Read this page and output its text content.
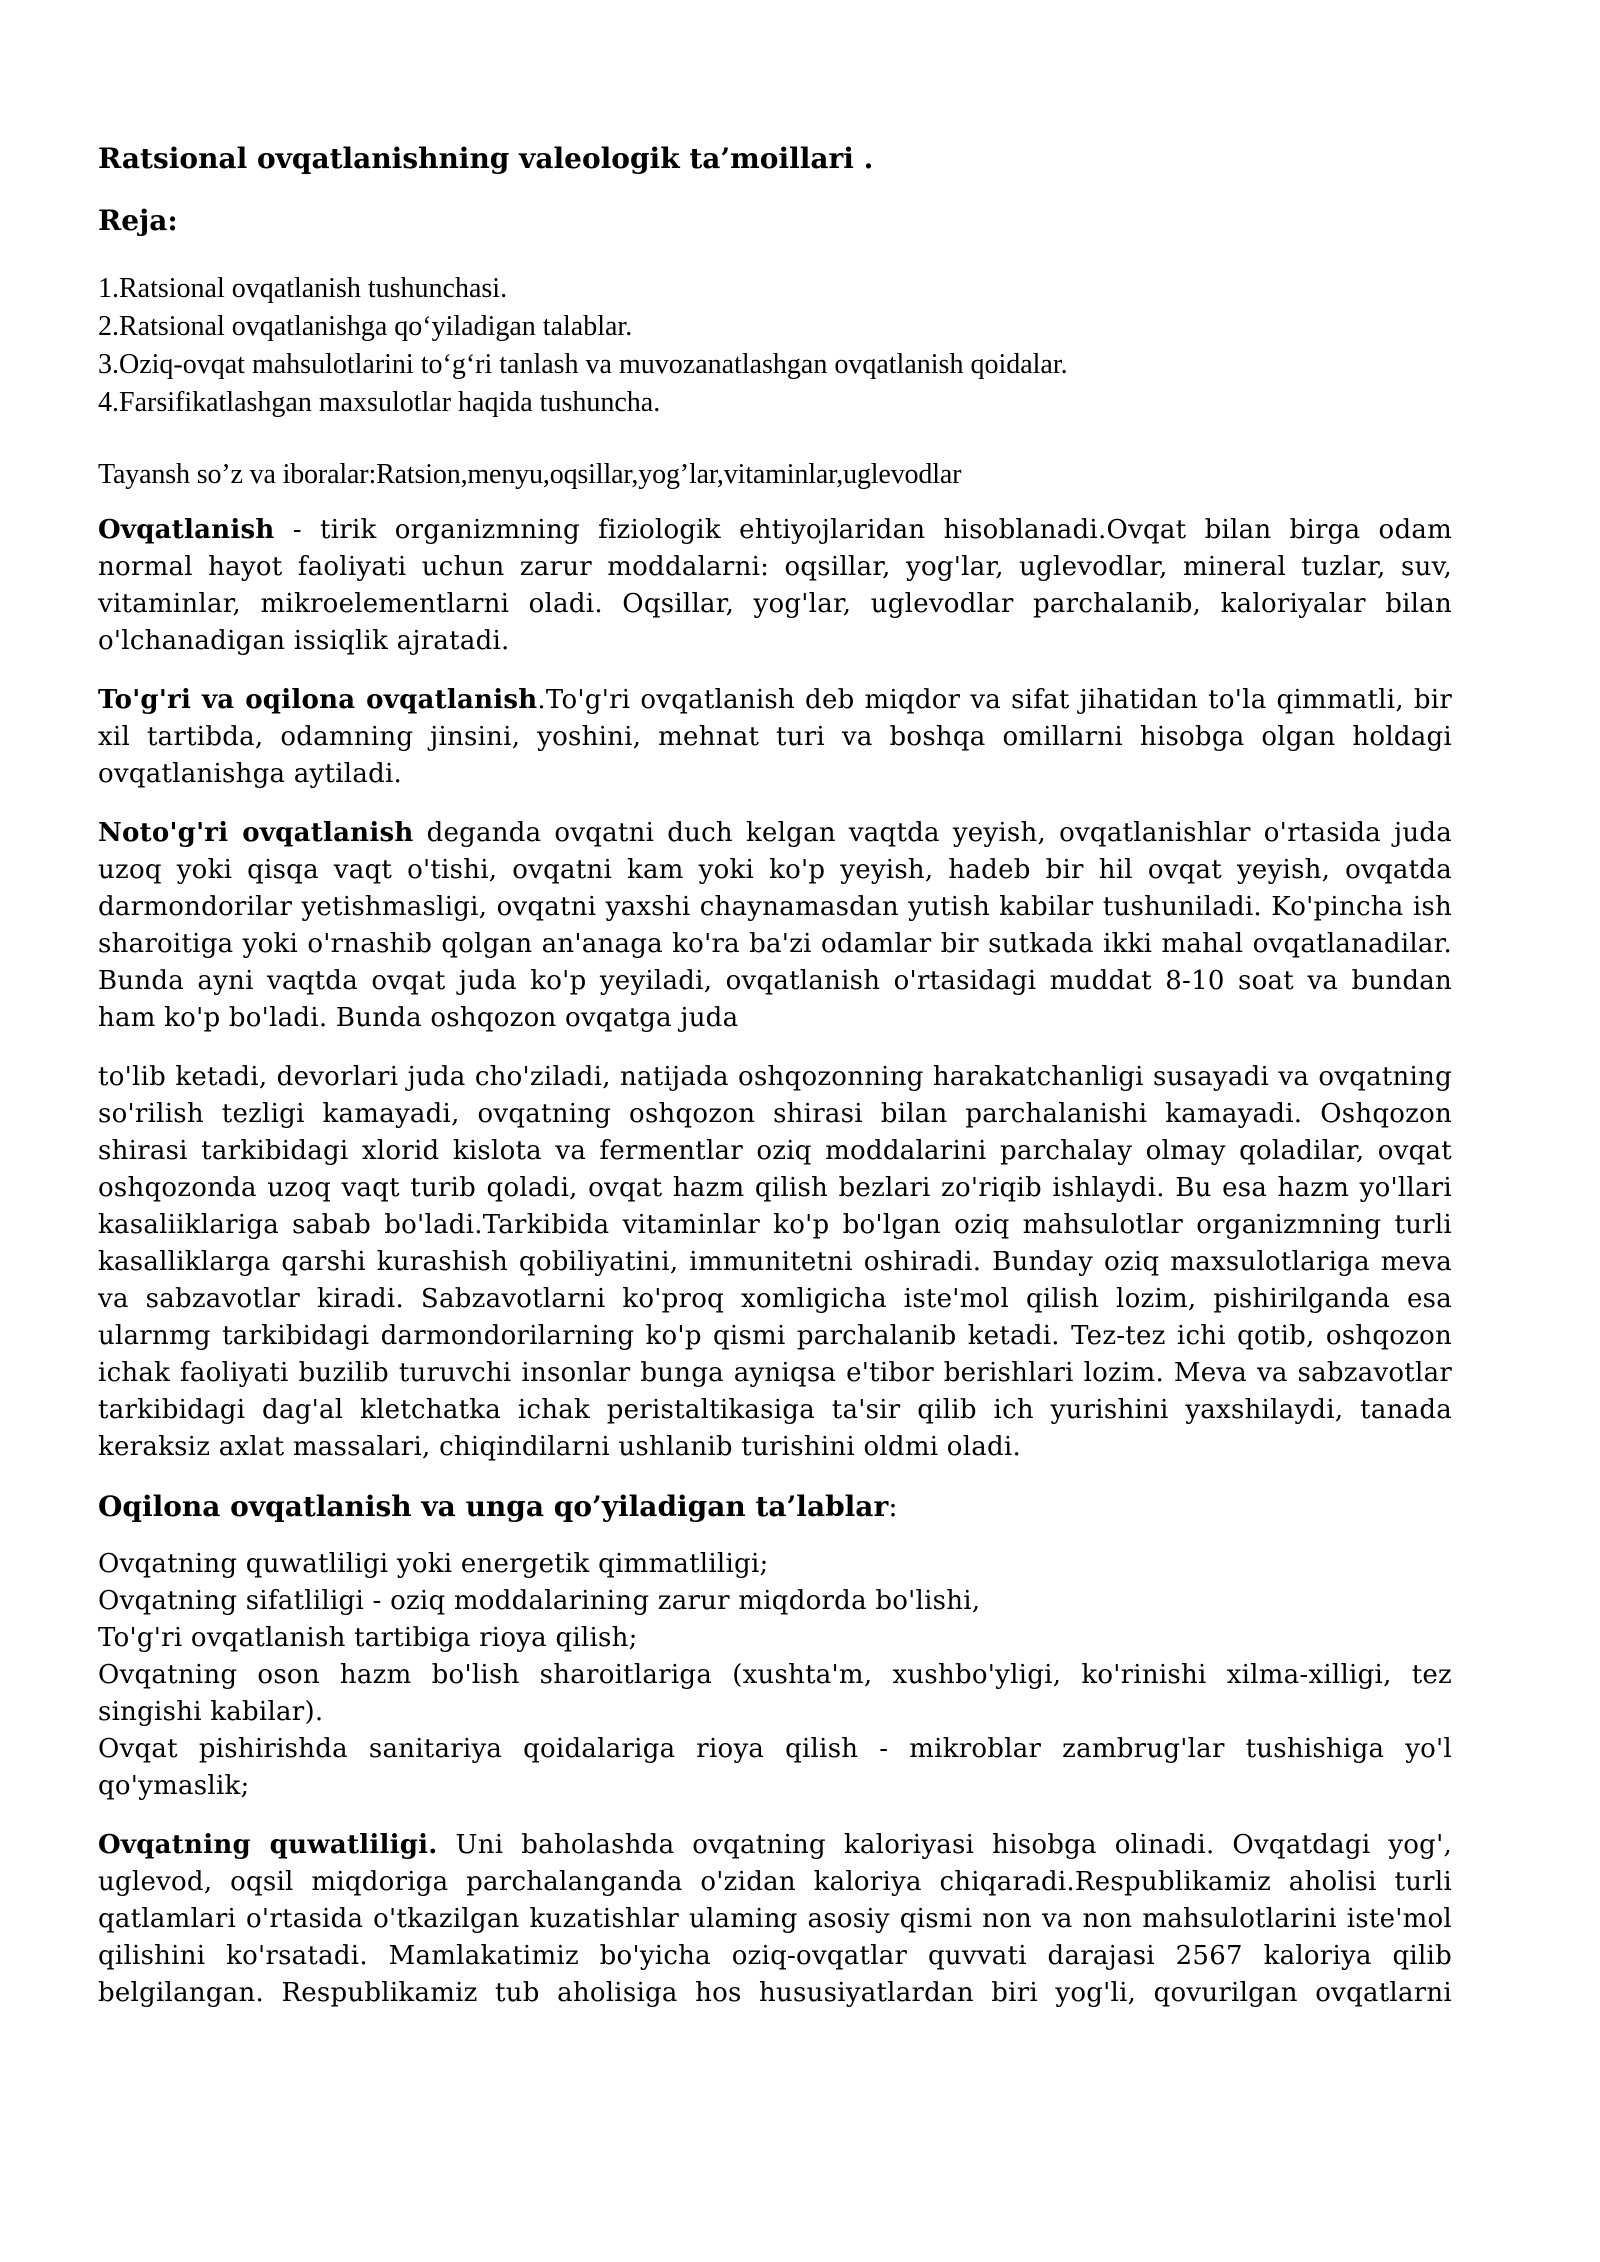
Ratsional ovqatlanishning valeologik ta’moillari .
Reja:
1.Ratsional ovqatlanish tushunchasi.
2.Ratsional ovqatlanishga qo‘yiladigan talablar.
3.Oziq-ovqat mahsulotlarini to‘g‘ri tanlash va muvozanatlashgan ovqatlanish qoidalar.
4.Farsifikatlashgan maxsulotlar haqida tushuncha.
Tayansh so’z va iboralar:Ratsion,menyu,oqsillar,yog’lar,vitaminlar,uglevodlar

Ovqatlanish - tirik organizmning fiziologik ehtiyojlaridan hisoblanadi.Ovqat bilan birga odam normal hayot faoliyati uchun zarur moddalarni: oqsillar, yog'lar, uglevodlar, mineral tuzlar, suv, vitaminlar, mikroelementlarni oladi. Oqsillar, yog'lar, uglevodlar parchalanib, kaloriyalar bilan o'lchanadigan issiqlik ajratadi.

To'g'ri va oqilona ovqatlanish.To'g'ri ovqatlanish deb miqdor va sifat jihatidan to'la qimmatli, bir xil tartibda, odamning jinsini, yoshini, mehnat turi va boshqa omillarni hisobga olgan holdagi ovqatlanishga aytiladi.

Noto'g'ri ovqatlanish deganda ovqatni duch kelgan vaqtda yeyish, ovqatlanishlar o'rtasida juda uzoq yoki qisqa vaqt o'tishi, ovqatni kam yoki ko'p yeyish, hadeb bir hil ovqat yeyish, ovqatda darmondorilar yetishmasligi, ovqatni yaxshi chaynamasdan yutish kabilar tushuniladi. Ko'pincha ish sharoitiga yoki o'rnashib qolgan an'anaga ko'ra ba'zi odamlar bir sutkada ikki mahal ovqatlanadilar. Bunda ayni vaqtda ovqat juda ko'p yeyiladi, ovqatlanish o'rtasidagi muddat 8-10 soat va bundan ham ko'p bo'ladi. Bunda oshqozon ovqatga juda

to'lib ketadi, devorlari juda cho'ziladi, natijada oshqozonning harakatchanligi susayadi va ovqatning so'rilish tezligi kamayadi, ovqatning oshqozon shirasi bilan parchalanishi kamayadi. Oshqozon shirasi tarkibidagi xlorid kislota va fermentlar oziq moddalarini parchalay olmay qoladilar, ovqat oshqozonda uzoq vaqt turib qoladi, ovqat hazm qilish bezlari zo'riqib ishlaydi. Bu esa hazm yo'llari kasaliiklariga sabab bo'ladi.Tarkibida vitaminlar ko'p bo'lgan oziq mahsulotlar organizmning turli kasalliklarga qarshi kurashish qobiliyatini, immunitetni oshiradi. Bunday oziq maxsulotlariga meva va sabzavotlar kiradi. Sabzavotlarni ko'proq xomligicha iste'mol qilish lozim, pishirilganda esa ularnmg tarkibidagi darmondorilarning ko'p qismi parchalanib ketadi. Tez-tez ichi qotib, oshqozon ichak faoliyati buzilib turuvchi insonlar bunga ayniqsa e'tibor berishlari lozim. Meva va sabzavotlar tarkibidagi dag'al kletchatka ichak peristaltikasiga ta'sir qilib ich yurishini yaxshilaydi, tanada keraksiz axlat massalari, chiqindilarni ushlanib turishini oldmi oladi.

Oqilona ovqatlanish va unga qo’yiladigan ta’lablar:
Ovqatning quwatliligi yoki energetik qimmatliligi;
Ovqatning sifatliligi - oziq moddalarining zarur miqdorda bo'lishi,
To'g'ri ovqatlanish tartibiga rioya qilish;
Ovqatning oson hazm bo'lish sharoitlariga (xushta'm, xushbo'yligi, ko'rinishi xilma-xilligi, tez singishi kabilar).
Ovqat pishirishda sanitariya qoidalariga rioya qilish - mikroblar zambrug'lar tushishiga yo'l qo'ymaslik;

Ovqatning quwatliligi. Uni baholashda ovqatning kaloriyasi hisobga olinadi. Ovqatdagi yog', uglevod, oqsil miqdoriga parchalanganda o'zidan kaloriya chiqaradi.Respublikamiz aholisi turli qatlamlari o'rtasida o'tkazilgan kuzatishlar ulaming asosiy qismi non va non mahsulotlarini iste'mol qilishini ko'rsatadi. Mamlakatimiz bo'yicha oziq-ovqatlar quvvati darajasi 2567 kaloriya qilib belgilangan. Respublikamiz tub aholisiga hos hususiyatlardan biri yog'li, qovurilgan ovqatlarni
